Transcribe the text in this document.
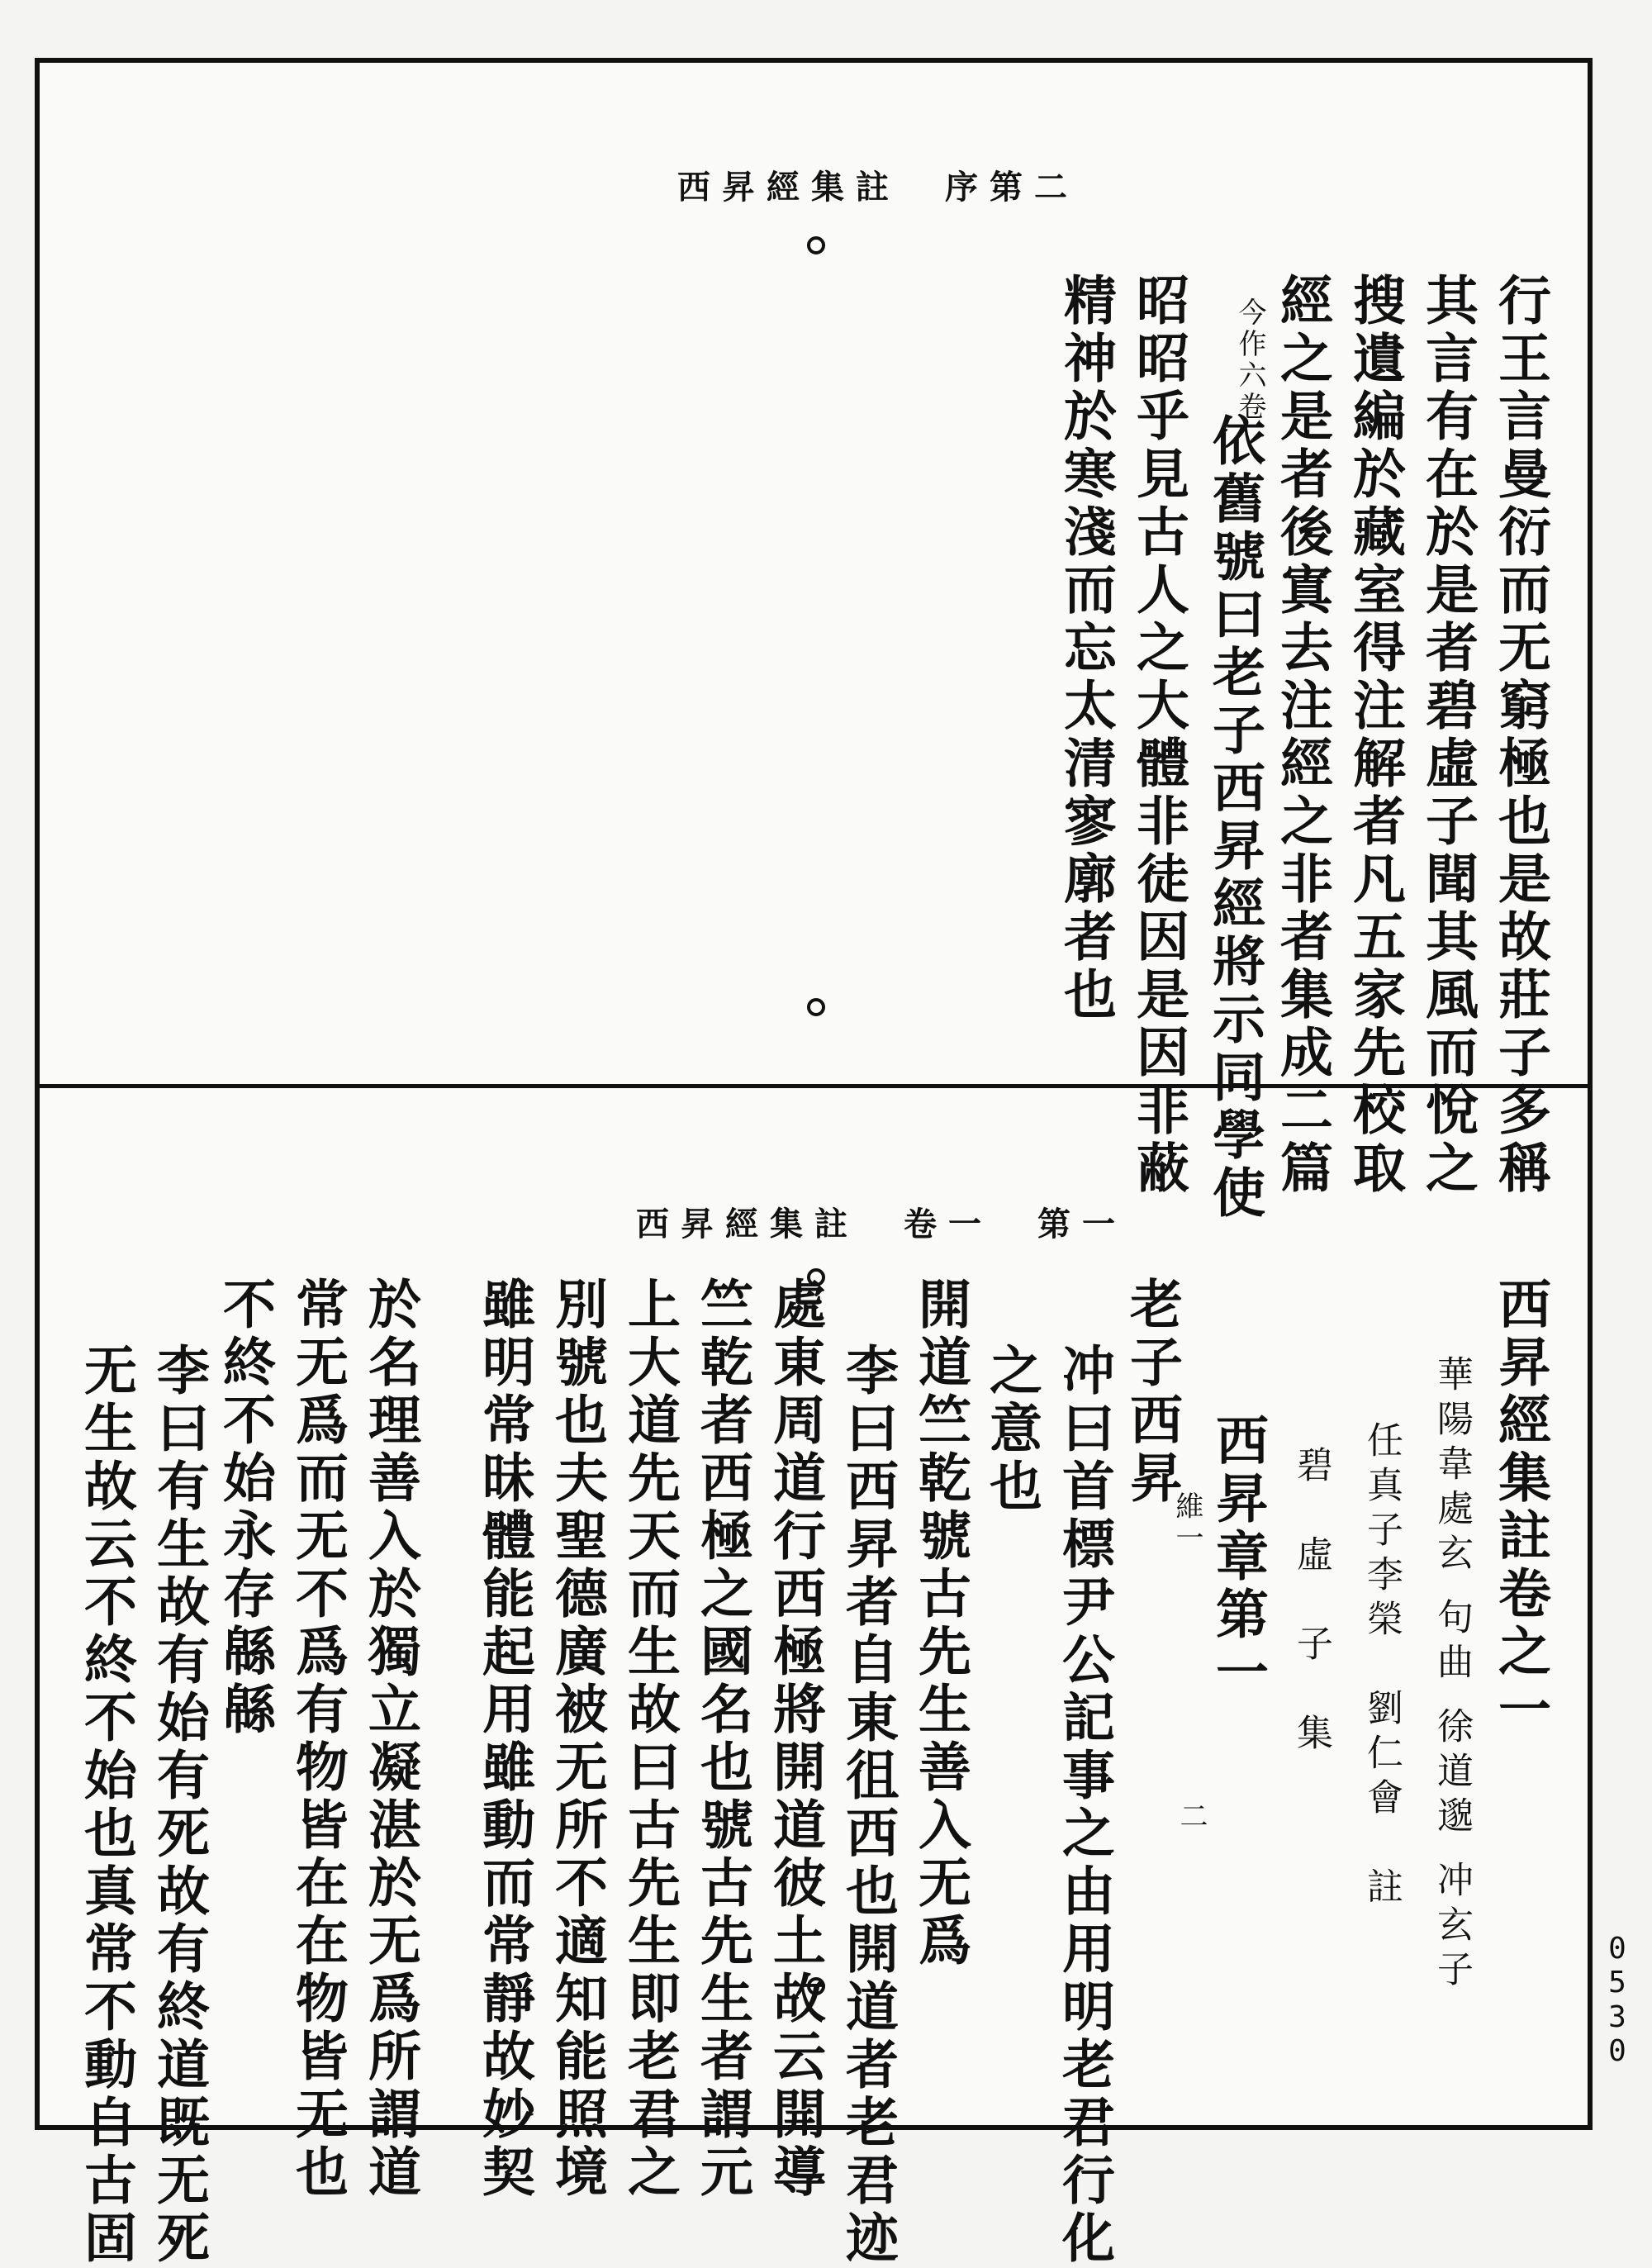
西昇經集註　序第二
行王言曼衍而无窮極也是故莊子多稱
其言有在於是者碧虛子聞其風而悅之
搜遺編於藏室得注解者凡五家先校取
經之是者後寘去注經之非者集成二篇
今作六卷
依舊號曰老子西昇經將示同學使
昭昭乎見古人之大體非徒因是因非蔽
精神於寒淺而忘太清寥廓者也
西昇經集註　卷一　第一
西昇經集註卷之一
華陽韋處玄 句曲 徐道邈 冲玄子
任真子李榮　劉仁會　註
碧　虛　子　集
西昇章第一
維一
二
老子西昇
冲曰首標尹公記事之由用明老君行化
之意也
開道竺乾號古先生善入无爲
李曰西昇者自東徂西也開道者老君迹
處東周道行西極將開道彼土故云開導
竺乾者西極之國名也號古先生者謂元
上大道先天而生故曰古先生即老君之
別號也夫聖德廣被无所不適知能照境
雖明常昧體能起用雖動而常靜故妙契
於名理善入於獨立凝湛於无爲所謂道
常无爲而无不爲有物皆在在物皆无也
不終不始永存緜緜
李曰有生故有始有死故有終道既无死
无生故云不終不始也真常不動自古固	0530
